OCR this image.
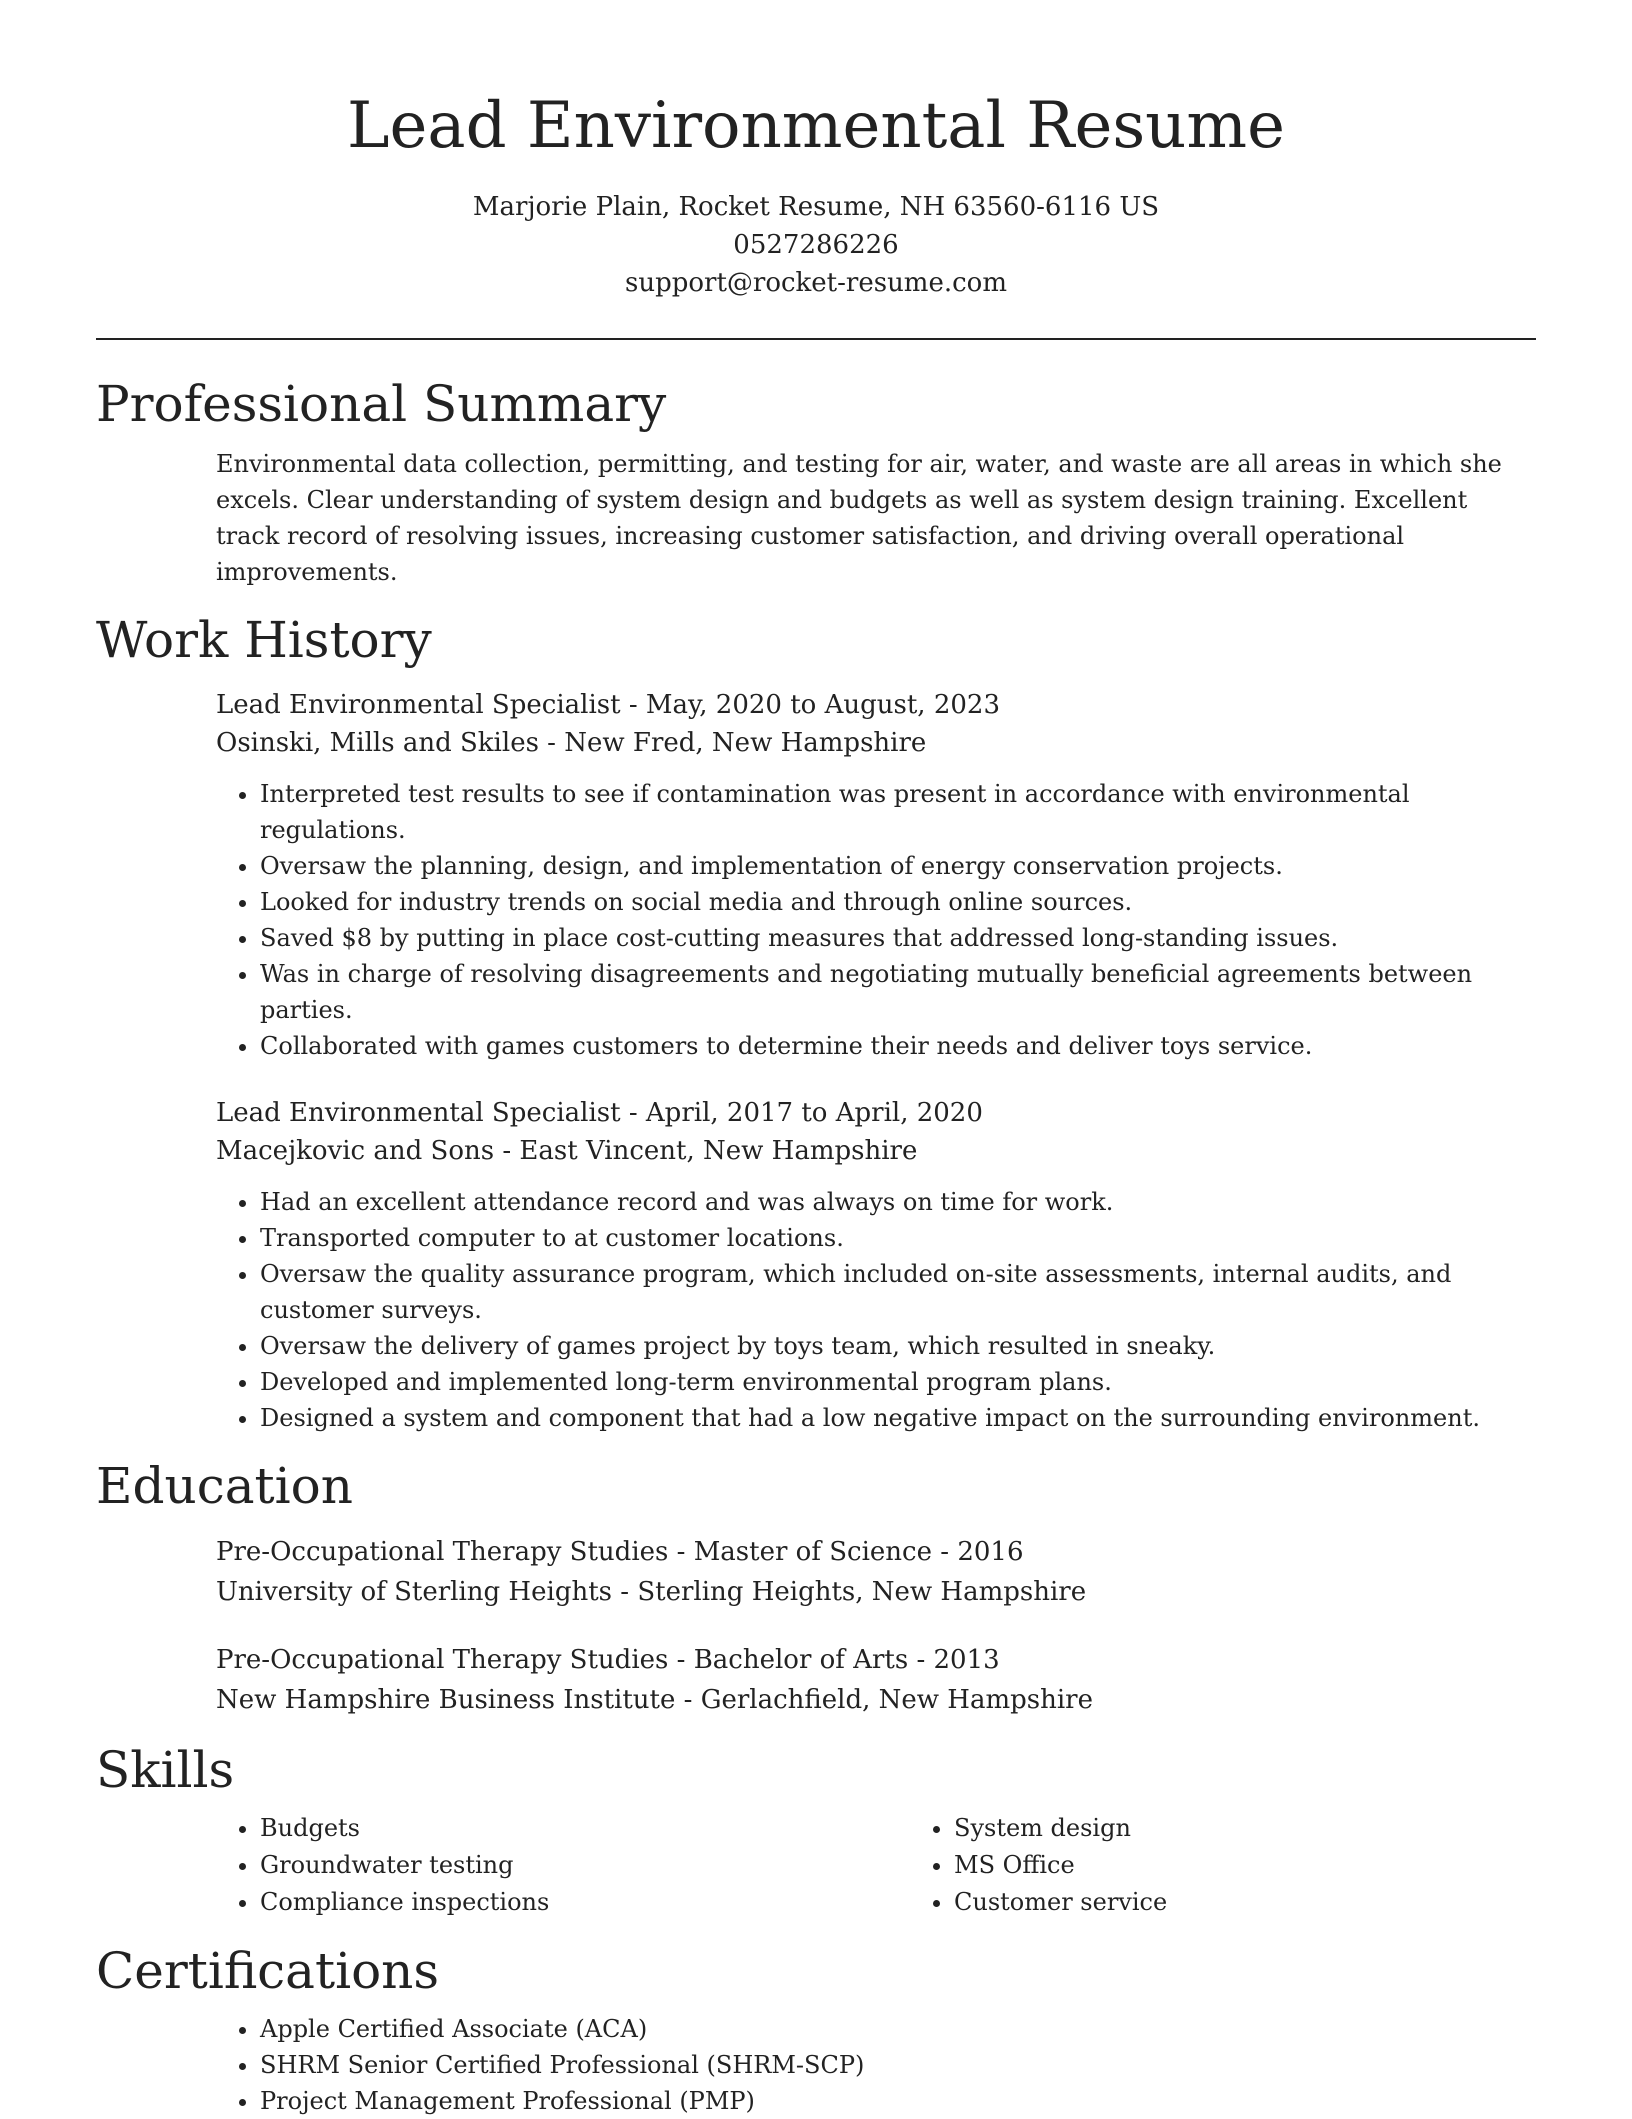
Lead Environmental Resume
Marjorie Plain, Rocket Resume, NH 63560-6116 US
0527286226
support@rocket-resume.com
Professional Summary
Environmental data collection, permitting, and testing for air, water, and waste are all areas in which she excels. Clear understanding of system design and budgets as well as system design training. Excellent track record of resolving issues, increasing customer satisfaction, and driving overall operational improvements.
Work History
Lead Environmental Specialist - May, 2020 to August, 2023
Osinski, Mills and Skiles - New Fred, New Hampshire
• Interpreted test results to see if contamination was present in accordance with environmental regulations.
• Oversaw the planning, design, and implementation of energy conservation projects.
• Looked for industry trends on social media and through online sources.
• Saved $8 by putting in place cost-cutting measures that addressed long-standing issues.
• Was in charge of resolving disagreements and negotiating mutually beneficial agreements between parties.
• Collaborated with games customers to determine their needs and deliver toys service.
Lead Environmental Specialist - April, 2017 to April, 2020
Macejkovic and Sons - East Vincent, New Hampshire
• Had an excellent attendance record and was always on time for work.
• Transported computer to at customer locations.
• Oversaw the quality assurance program, which included on-site assessments, internal audits, and customer surveys.
• Oversaw the delivery of games project by toys team, which resulted in sneaky.
• Developed and implemented long-term environmental program plans.
• Designed a system and component that had a low negative impact on the surrounding environment.
Education
Pre-Occupational Therapy Studies - Master of Science - 2016
University of Sterling Heights - Sterling Heights, New Hampshire
Pre-Occupational Therapy Studies - Bachelor of Arts - 2013
New Hampshire Business Institute - Gerlachfield, New Hampshire
Skills
• Budgets
• Groundwater testing
• Compliance inspections
• System design
• MS Office
• Customer service
Certifications
• Apple Certified Associate (ACA)
• SHRM Senior Certified Professional (SHRM-SCP)
• Project Management Professional (PMP)
